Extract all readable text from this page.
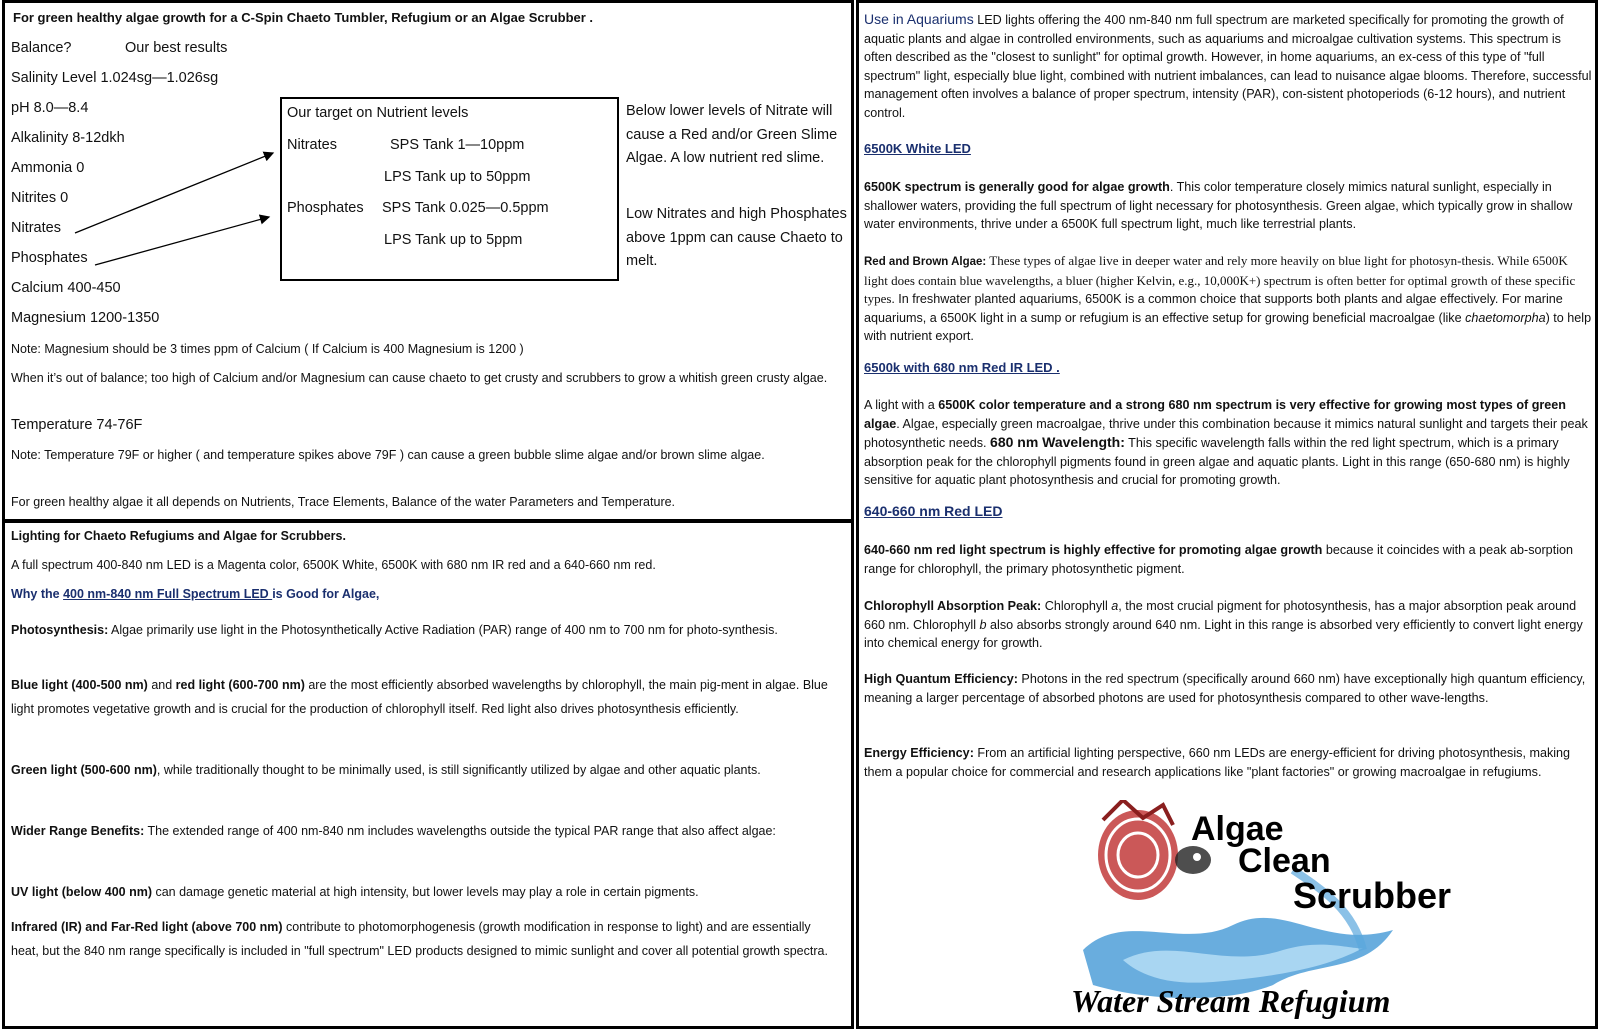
For green healthy algae growth for a C-Spin Chaeto Tumbler, Refugium or an Algae Scrubber .
Balance?	Our best results
Salinity Level 1.024sg—1.026sg
pH 8.0—8.4
Alkalinity 8-12dkh
Ammonia 0
Nitrites 0
Nitrates
Phosphates
Calcium 400-450
Magnesium 1200-1350
Our target on Nutrient levels
Nitrates	SPS Tank 1—10ppm
LPS Tank up to 50ppm
Phosphates SPS Tank 0.025—0.5ppm
LPS Tank up to 5ppm
Below lower levels of Nitrate will cause a Red and/or Green Slime Algae. A low nutrient red slime.
Low Nitrates and high Phosphates above 1ppm can cause Chaeto to melt.
Note: Magnesium should be 3 times ppm of Calcium ( If Calcium is 400 Magnesium is 1200 )
When it’s out of balance; too high of Calcium and/or Magnesium can cause chaeto to get crusty and scrubbers to grow a whitish green crusty algae.
Temperature 74-76F
Note: Temperature 79F or higher ( and temperature spikes above 79F ) can cause a green bubble slime algae and/or brown slime algae.
For green healthy algae it all depends on Nutrients, Trace Elements, Balance of the water Parameters and Temperature.
Lighting for Chaeto Refugiums and Algae for Scrubbers.
A full spectrum 400-840 nm LED is a Magenta color, 6500K White, 6500K with 680 nm IR red and a 640-660 nm red.
Why the 400 nm-840 nm Full Spectrum LED is Good for Algae,
Photosynthesis: Algae primarily use light in the Photosynthetically Active Radiation (PAR) range of 400 nm to 700 nm for photo-synthesis.
Blue light (400-500 nm) and red light (600-700 nm) are the most efficiently absorbed wavelengths by chlorophyll, the main pig-ment in algae. Blue light promotes vegetative growth and is crucial for the production of chlorophyll itself. Red light also drives photosynthesis efficiently.
Green light (500-600 nm), while traditionally thought to be minimally used, is still significantly utilized by algae and other aquatic plants.
Wider Range Benefits: The extended range of 400 nm-840 nm includes wavelengths outside the typical PAR range that also affect algae:
UV light (below 400 nm) can damage genetic material at high intensity, but lower levels may play a role in certain pigments.
Infrared (IR) and Far-Red light (above 700 nm) contribute to photomorphogenesis (growth modification in response to light) and are essentially heat, but the 840 nm range specifically is included in "full spectrum" LED products designed to mimic sunlight and cover all potential growth spectra.
Use in Aquariums LED lights offering the 400 nm-840 nm full spectrum are marketed specifically for promoting the growth of aquatic plants and algae in controlled environments, such as aquariums and microalgae cultivation systems. This spectrum is often described as the "closest to sunlight" for optimal growth. However, in home aquariums, an ex-cess of this type of "full spectrum" light, especially blue light, combined with nutrient imbalances, can lead to nuisance algae blooms. Therefore, successful management often involves a balance of proper spectrum, intensity (PAR), con-sistent photoperiods (6-12 hours), and nutrient control.
6500K White LED
6500K spectrum is generally good for algae growth. This color temperature closely mimics natural sunlight, especially in shallower waters, providing the full spectrum of light necessary for photosynthesis. Green algae, which typically grow in shallow water environments, thrive under a 6500K full spectrum light, much like terrestrial plants.
Red and Brown Algae: These types of algae live in deeper water and rely more heavily on blue light for photosyn-thesis. While 6500K light does contain blue wavelengths, a bluer (higher Kelvin, e.g., 10,000K+) spectrum is often better for optimal growth of these specific types. In freshwater planted aquariums, 6500K is a common choice that supports both plants and algae effectively. For marine aquariums, a 6500K light in a sump or refugium is an effective setup for growing beneficial macroalgae (like chaetomorpha) to help with nutrient export.
6500k with 680 nm Red IR LED .
A light with a 6500K color temperature and a strong 680 nm spectrum is very effective for growing most types of green algae. Algae, especially green macroalgae, thrive under this combination because it mimics natural sunlight and targets their peak photosynthetic needs. 680 nm Wavelength: This specific wavelength falls within the red light spectrum, which is a primary absorption peak for the chlorophyll pigments found in green algae and aquatic plants. Light in this range (650-680 nm) is highly sensitive for aquatic plant photosynthesis and crucial for promoting growth.
640-660 nm Red LED
640-660 nm red light spectrum is highly effective for promoting algae growth because it coincides with a peak ab-sorption range for chlorophyll, the primary photosynthetic pigment.
Chlorophyll Absorption Peak: Chlorophyll a, the most crucial pigment for photosynthesis, has a major absorption peak around 660 nm. Chlorophyll b also absorbs strongly around 640 nm. Light in this range is absorbed very efficiently to convert light energy into chemical energy for growth.
High Quantum Efficiency: Photons in the red spectrum (specifically around 660 nm) have exceptionally high quantum efficiency, meaning a larger percentage of absorbed photons are used for photosynthesis compared to other wave-lengths.
Energy Efficiency: From an artificial lighting perspective, 660 nm LEDs are energy-efficient for driving photosynthesis, making them a popular choice for commercial and research applications like "plant factories" or growing macroalgae in refugiums.
Algae
Clean
Scrubber
Water Stream Refugium
